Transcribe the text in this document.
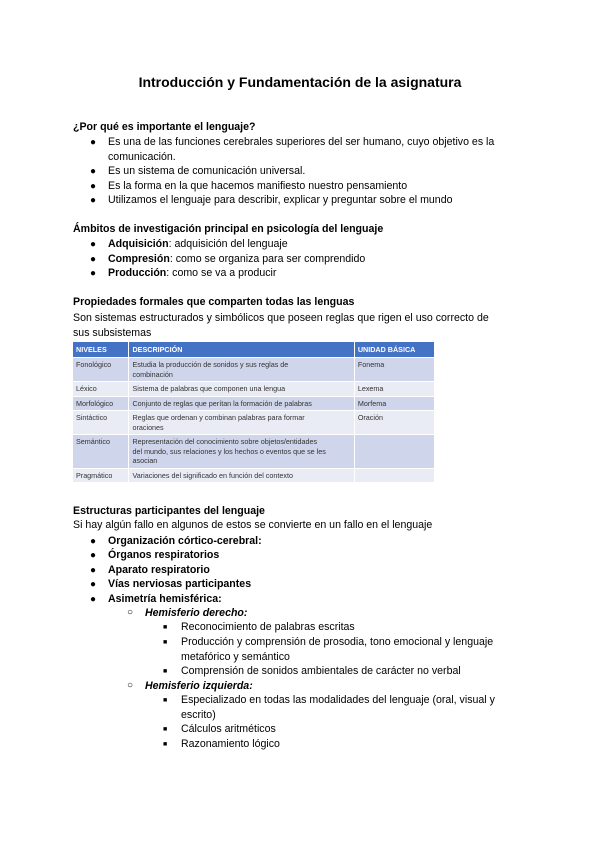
Introducción y Fundamentación de la asignatura
¿Por qué es importante el lenguaje?
● Es una de las funciones cerebrales superiores del ser humano, cuyo objetivo es la
comunicación.
● Es un sistema de comunicación universal.
● Es la forma en la que hacemos manifiesto nuestro pensamiento
● Utilizamos el lenguaje para describir, explicar y preguntar sobre el mundo
Ámbitos de investigación principal en psicología del lenguaje
● Adquisición: adquisición del lenguaje
● Compresión: como se organiza para ser comprendido
● Producción: como se va a producir
Propiedades formales que comparten todas las lenguas
Son sistemas estructurados y simbólicos que poseen reglas que rigen el uso correcto de
sus subsistemas
NIVELES	DESCRIPCIÓN	UNIDAD BÁSICA
Fonológico	Estudia la producción de sonidos y sus reglas de
combinación	Fonema
Léxico	Sistema de palabras que componen una lengua	Lexema
Morfológico	Conjunto de reglas que perítan la formación de palabras	Morfema
Sintáctico	Reglas que ordenan y combinan palabras para formar
oraciones	Oración
Semántico	Representación del conocimiento sobre objetos/entidades
del mundo, sus relaciones y los hechos o eventos que se les
asocian	

Pragmático	Variaciones del significado en función del contexto	

Estructuras participantes del lenguaje
Si hay algún fallo en algunos de estos se convierte en un fallo en el lenguaje
● Organización córtico-cerebral:
● Órganos respiratorios
● Aparato respiratorio
● Vías nerviosas participantes
● Asimetría hemisférica:
○ Hemisferio derecho:
■ Reconocimiento de palabras escritas
■ Producción y comprensión de prosodia, tono emocional y lenguaje
metafórico y semántico
■ Comprensión de sonidos ambientales de carácter no verbal
○ Hemisferio izquierda:
■ Especializado en todas las modalidades del lenguaje (oral, visual y
escrito)
■ Cálculos aritméticos
■ Razonamiento lógico
